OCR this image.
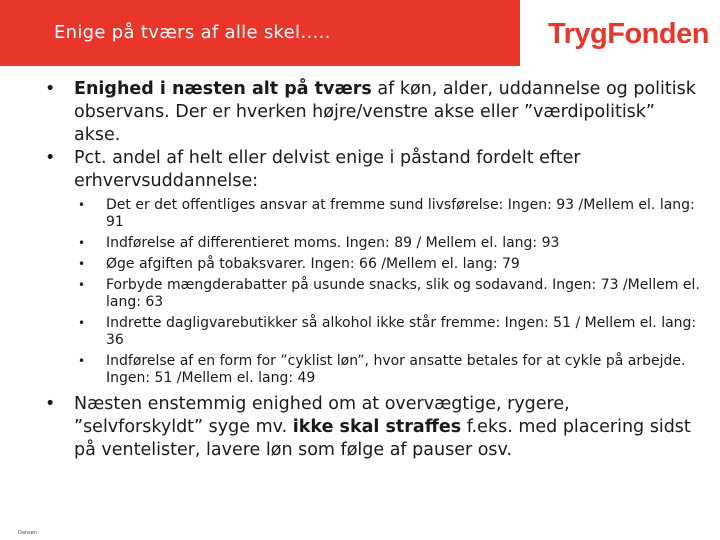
Enige på tværs af alle skel…..	TrygFonden

• Enighed i næsten alt på tværs af køn, alder, uddannelse og politisk observans. Der er hverken højre/venstre akse eller ”værdipolitisk” akse.

• Pct. andel af helt eller delvist enige i påstand fordelt efter erhvervsuddannelse:

• Det er det offentliges ansvar at fremme sund livsførelse: Ingen: 93 /Mellem el. lang: 91

• Indførelse af differentieret moms. Ingen: 89 / Mellem el. lang: 93

• Øge afgiften på tobaksvarer. Ingen: 66 /Mellem el. lang: 79

• Forbyde mængderabatter på usunde snacks, slik og sodavand. Ingen: 73 /Mellem el. lang: 63

• Indrette dagligvarebutikker så alkohol ikke står fremme: Ingen: 51 / Mellem el. lang: 36

• Indførelse af en form for ”cyklist løn”, hvor ansatte betales for at cykle på arbejde. Ingen: 51 /Mellem el. lang: 49

• Næsten enstemmig enighed om at overvægtige, rygere, ”selvforskyldt” syge mv. ikke skal straffes f.eks. med placering sidst på ventelister, lavere løn som følge af pauser osv.

Dansen
